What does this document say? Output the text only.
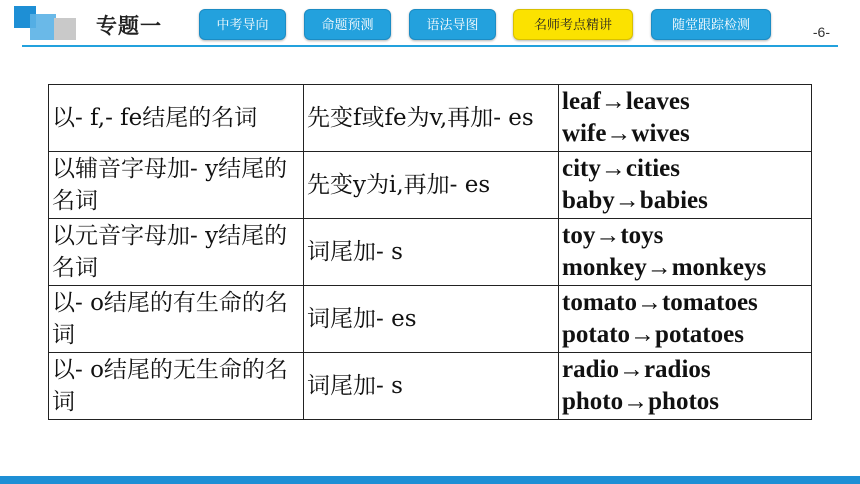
专题一	中考导向	命题预测	语法导图	名师考点精讲	随堂跟踪检测	-6-
以- f,- fe结尾的名词	先变f或fe为v,再加- es	leaf→leaves
wife→wives

以辅音字母加- y结尾的名词	先变y为i,再加- es	city→cities
baby→babies

以元音字母加- y结尾的名词	词尾加- s	toy→toys
monkey→monkeys

以- o结尾的有生命的名词	词尾加- es	tomato→tomatoes
potato→potatoes

以- o结尾的无生命的名词	词尾加- s	radio→radios
photo→photos
